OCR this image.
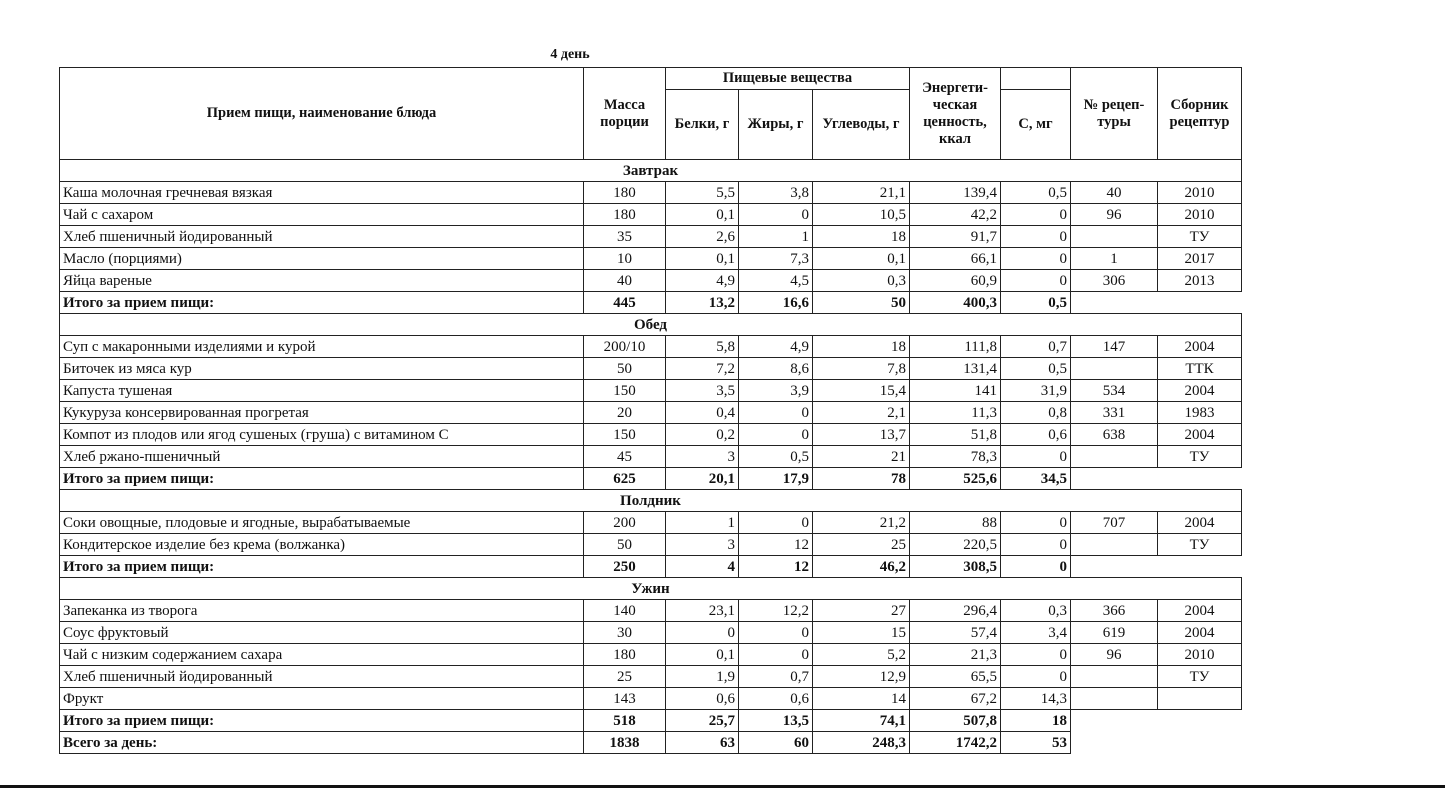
4 день
Прием пищи, наименование блюда	Масса порции	Пищевые вещества			Энергети-ческая ценность, ккал		№ рецеп-туры	Сборник рецептур
		Белки, г	Жиры, г	Углеводы, г		С, мг		
Завтрак								
Каша молочная гречневая вязкая	180	5,5	3,8	21,1	139,4	0,5	40	2010
Чай с сахаром	180	0,1	0	10,5	42,2	0	96	2010
Хлеб пшеничный йодированный	35	2,6	1	18	91,7	0		ТУ
Масло (порциями)	10	0,1	7,3	0,1	66,1	0	1	2017
Яйца вареные	40	4,9	4,5	0,3	60,9	0	306	2013
Итого за прием пищи:	445	13,2	16,6	50	400,3	0,5		
Обед								
Суп с макаронными изделиями и курой	200/10	5,8	4,9	18	111,8	0,7	147	2004
Биточек из мяса кур	50	7,2	8,6	7,8	131,4	0,5		ТТК
Капуста тушеная	150	3,5	3,9	15,4	141	31,9	534	2004
Кукуруза консервированная прогретая	20	0,4	0	2,1	11,3	0,8	331	1983
Компот из плодов или ягод сушеных (груша) с витамином С	150	0,2	0	13,7	51,8	0,6	638	2004
Хлеб ржано-пшеничный	45	3	0,5	21	78,3	0		ТУ
Итого за прием пищи:	625	20,1	17,9	78	525,6	34,5		
Полдник								
Соки овощные, плодовые и ягодные, вырабатываемые	200	1	0	21,2	88	0	707	2004
Кондитерское изделие без крема (волжанка)	50	3	12	25	220,5	0		ТУ
Итого за прием пищи:	250	4	12	46,2	308,5	0		
Ужин								
Запеканка из творога	140	23,1	12,2	27	296,4	0,3	366	2004
Соус фруктовый	30	0	0	15	57,4	3,4	619	2004
Чай с низким содержанием сахара	180	0,1	0	5,2	21,3	0	96	2010
Хлеб пшеничный йодированный	25	1,9	0,7	12,9	65,5	0		ТУ
Фрукт	143	0,6	0,6	14	67,2	14,3		
Итого за прием пищи:	518	25,7	13,5	74,1	507,8	18		
Всего за день:	1838	63	60	248,3	1742,2	53		
